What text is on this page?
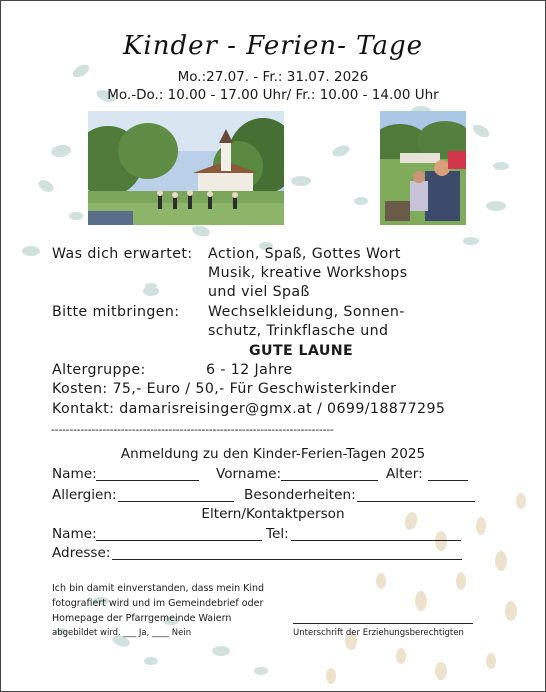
Kinder - Ferien- Tage
Mo.:27.07. - Fr.: 31.07. 2026
Mo.-Do.: 10.00 - 17.00 Uhr/ Fr.: 10.00 - 14.00 Uhr
Was dich erwartet: Action, Spaß, Gottes Wort
Musik, kreative Workshops
und viel Spaß
Bitte mitbringen: Wechselkleidung, Sonnen-
schutz, Trinkflasche und
GUTE LAUNE
Altergruppe:	6 - 12 Jahre
Kosten: 75,- Euro / 50,- Für Geschwisterkinder
Kontakt: damarisreisinger@gmx.at / 0699/18877295
-----------------------------------------------------------------------------
Anmeldung zu den Kinder-Ferien-Tagen 2025
Name:	Vorname:	Alter:
Allergien:	Besonderheiten:
Eltern/Kontaktperson
Name:	Tel:
Adresse:
Ich bin damit einverstanden, dass mein Kind
fotografiert wird und im Gemeindebrief oder
Homepage der Pfarrgemeinde Waiern
abgebildet wird. ___ Ja, ____ Nein	Unterschrift der Erziehungsberechtigten
